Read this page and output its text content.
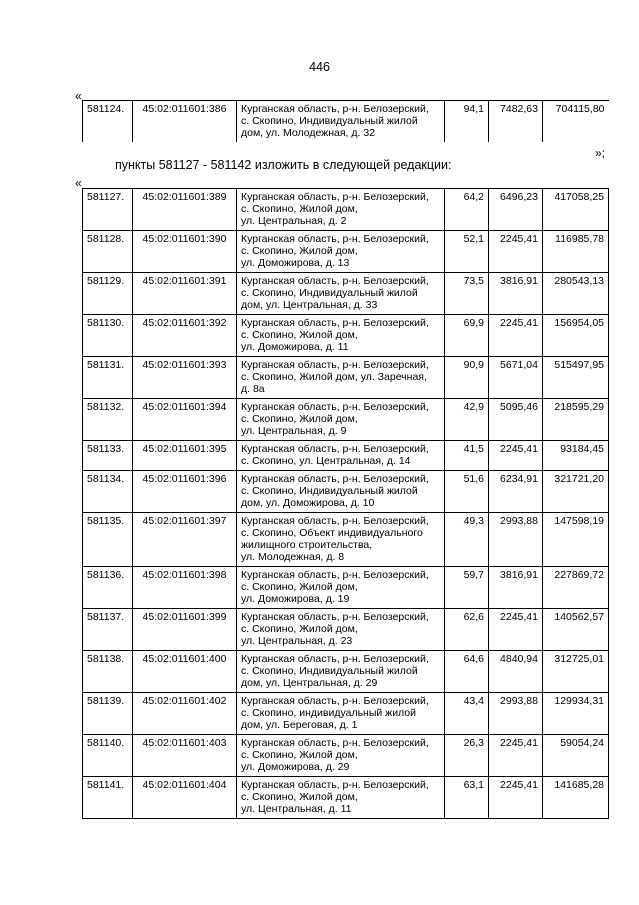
446
«
581124.	45:02:011601:386	Курганская область, р-н. Белозерский,
с. Скопино, Индивидуальный жилой
дом, ул. Молодежная, д. 32
	94,1	7482,63	704115,80
»;
пункты 581127 - 581142 изложить в следующей редакции:
«
581127.	45:02:011601:389	Курганская область, р-н. Белозерский,
с. Скопино, Жилой дом,
ул. Центральная, д. 2	64,2	6496,23	417058,25
581128.	45:02:011601:390	Курганская область, р-н. Белозерский,
с. Скопино, Жилой дом,
ул. Доможирова, д. 13	52,1	2245,41	116985,78
581129.	45:02:011601:391	Курганская область, р-н. Белозерский,
с. Скопино, Индивидуальный жилой
дом, ул. Центральная, д. 33	73,5	3816,91	280543,13
581130.	45:02:011601:392	Курганская область, р-н. Белозерский,
с. Скопино, Жилой дом,
ул. Доможирова, д. 11	69,9	2245,41	156954,05
581131.	45:02:011601:393	Курганская область, р-н. Белозерский,
с. Скопино, Жилой дом, ул. Заречная,
д. 8а	90,9	5671,04	515497,95
581132.	45:02:011601:394	Курганская область, р-н. Белозерский,
с. Скопино, Жилой дом,
ул. Центральная, д. 9	42,9	5095,46	218595,29
581133.	45:02:011601:395	Курганская область, р-н. Белозерский,
с. Скопино, ул. Центральная, д. 14	41,5	2245,41	93184,45
581134.	45:02:011601:396	Курганская область, р-н. Белозерский,
с. Скопино, Индивидуальный жилой
дом, ул. Доможирова, д. 10	51,6	6234,91	321721,20
581135.	45:02:011601:397	Курганская область, р-н. Белозерский,
с. Скопино, Объект индивидуального
жилищного строительства,
ул. Молодежная, д. 8	49,3	2993,88	147598,19
581136.	45:02:011601:398	Курганская область, р-н. Белозерский,
с. Скопино, Жилой дом,
ул. Доможирова, д. 19	59,7	3816,91	227869,72
581137.	45:02:011601:399	Курганская область, р-н. Белозерский,
с. Скопино, Жилой дом,
ул. Центральная, д. 23	62,6	2245,41	140562,57
581138.	45:02:011601:400	Курганская область, р-н. Белозерский,
с. Скопино, Индивидуальный жилой
дом, ул. Центральная, д. 29	64,6	4840,94	312725,01
581139.	45:02:011601:402	Курганская область, р-н. Белозерский,
с. Скопино, индивидуальный жилой
дом, ул. Береговая, д. 1	43,4	2993,88	129934,31
581140.	45:02:011601:403	Курганская область, р-н. Белозерский,
с. Скопино, Жилой дом,
ул. Доможирова, д. 29	26,3	2245,41	59054,24
581141.	45:02:011601:404	Курганская область, р-н. Белозерский,
с. Скопино, Жилой дом,
ул. Центральная, д. 11	63,1	2245,41	141685,28
